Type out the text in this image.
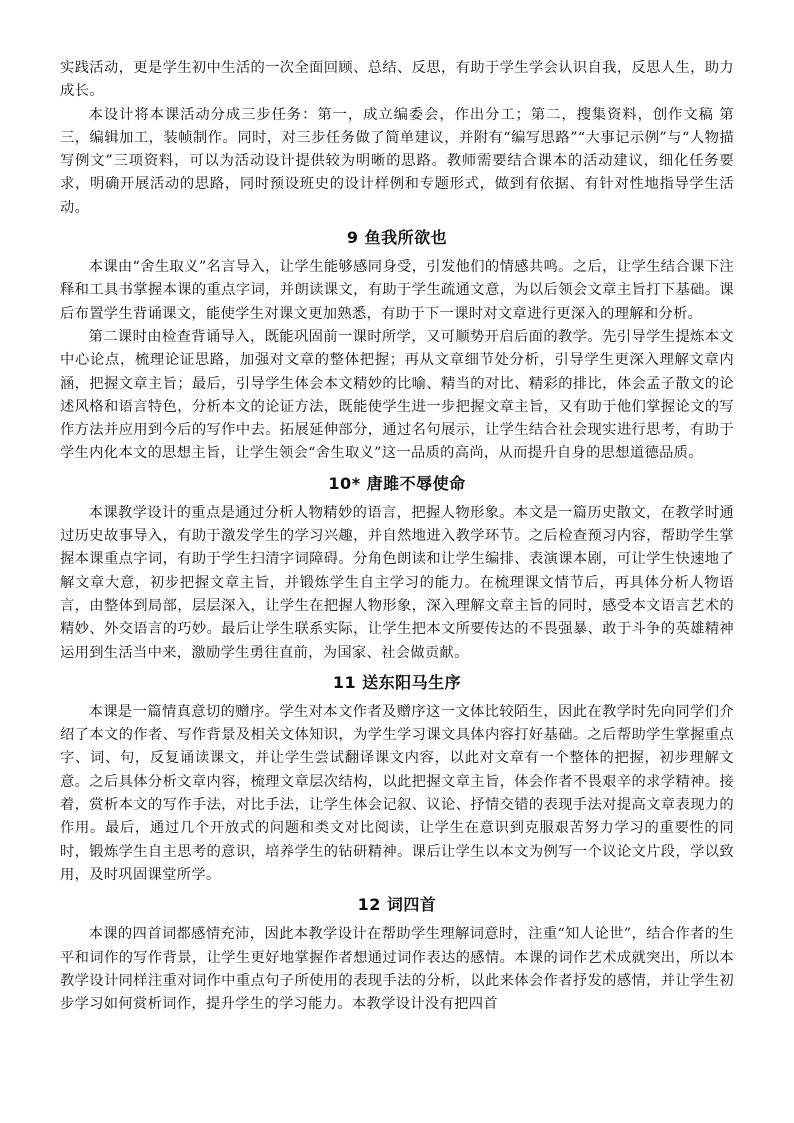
实践活动，更是学生初中生活的一次全面回顾、总结、反思，有助于学生学会认识自我，反思人生，助力成长。

本设计将本课活动分成三步任务：第一，成立编委会，作出分工；第二，搜集资料，创作文稿 第三，编辑加工，装帧制作。同时，对三步任务做了简单建议，并附有“编写思路”“大事记示例”与“人物描写例文”三项资料，可以为活动设计提供较为明晰的思路。教师需要结合课本的活动建议，细化任务要求，明确开展活动的思路，同时预设班史的设计样例和专题形式，做到有依据、有针对性地指导学生活动。

9 鱼我所欲也

本课由“舍生取义”名言导入，让学生能够感同身受，引发他们的情感共鸣。之后，让学生结合课下注释和工具书掌握本课的重点字词，并朗读课文，有助于学生疏通文意，为以后领会文章主旨打下基础。课后布置学生背诵课文，能使学生对课文更加熟悉，有助于下一课时对文章进行更深入的理解和分析。

第二课时由检查背诵导入，既能巩固前一课时所学，又可顺势开启后面的教学。先引导学生提炼本文中心论点，梳理论证思路，加强对文章的整体把握；再从文章细节处分析，引导学生更深入理解文章内涵，把握文章主旨；最后，引导学生体会本文精妙的比喻、精当的对比、精彩的排比，体会孟子散文的论述风格和语言特色，分析本文的论证方法，既能使学生进一步把握文章主旨，又有助于他们掌握论文的写作方法并应用到今后的写作中去。拓展延伸部分，通过名句展示，让学生结合社会现实进行思考，有助于学生内化本文的思想主旨，让学生领会“舍生取义”这一品质的高尚，从而提升自身的思想道德品质。

10* 唐雎不辱使命

本课教学设计的重点是通过分析人物精妙的语言，把握人物形象。本文是一篇历史散文，在教学时通过历史故事导入，有助于激发学生的学习兴趣，并自然地进入教学环节。之后检查预习内容，帮助学生掌握本课重点字词，有助于学生扫清字词障碍。分角色朗读和让学生编排、表演课本剧，可让学生快速地了解文章大意，初步把握文章主旨，并锻炼学生自主学习的能力。在梳理课文情节后，再具体分析人物语言，由整体到局部，层层深入，让学生在把握人物形象，深入理解文章主旨的同时，感受本文语言艺术的精妙、外交语言的巧妙。最后让学生联系实际，让学生把本文所要传达的不畏强暴、敢于斗争的英雄精神运用到生活当中来，激励学生勇往直前，为国家、社会做贡献。

11 送东阳马生序

本课是一篇情真意切的赠序。学生对本文作者及赠序这一文体比较陌生，因此在教学时先向同学们介绍了本文的作者、写作背景及相关文体知识，为学生学习课文具体内容打好基础。之后帮助学生掌握重点字、词、句，反复诵读课文，并让学生尝试翻译课文内容，以此对文章有一个整体的把握，初步理解文意。之后具体分析文章内容，梳理文章层次结构，以此把握文章主旨，体会作者不畏艰辛的求学精神。接着，赏析本文的写作手法，对比手法，让学生体会记叙、议论、抒情交错的表现手法对提高文章表现力的作用。最后，通过几个开放式的问题和类文对比阅读，让学生在意识到克服艰苦努力学习的重要性的同时，锻炼学生自主思考的意识，培养学生的钻研精神。课后让学生以本文为例写一个议论文片段，学以致用，及时巩固课堂所学。

12 词四首

本课的四首词都感情充沛，因此本教学设计在帮助学生理解词意时，注重“知人论世”，结合作者的生平和词作的写作背景，让学生更好地掌握作者想通过词作表达的感情。本课的词作艺术成就突出，所以本教学设计同样注重对词作中重点句子所使用的表现手法的分析，以此来体会作者抒发的感情，并让学生初步学习如何赏析词作，提升学生的学习能力。本教学设计没有把四首
